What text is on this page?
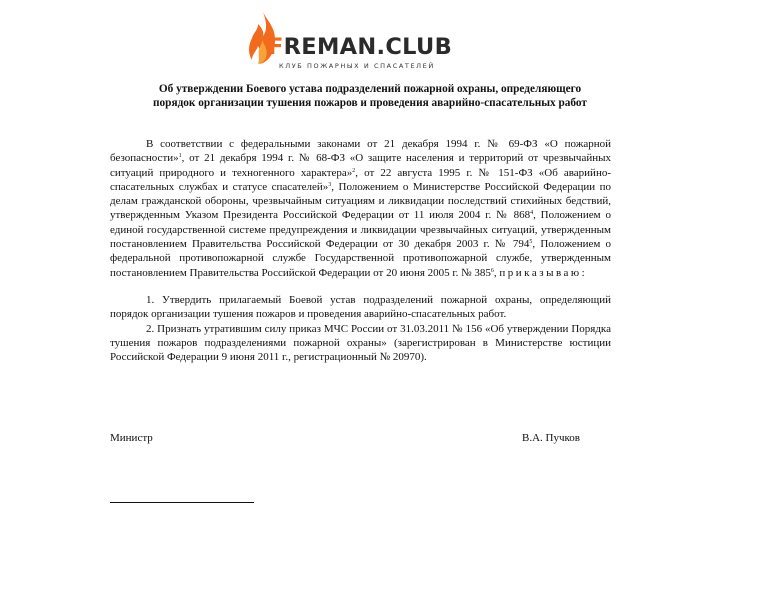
FREMAN.CLUB
КЛУБ ПОЖАРНЫХ И СПАСАТЕЛЕЙ
Об утверждении Боевого устава подразделений пожарной охраны, определяющего
порядок организации тушения пожаров и проведения аварийно-спасательных работ

В соответствии с федеральными законами от 21 декабря 1994 г. № 69-ФЗ «О пожарной безопасности»$^1$, от 21 декабря 1994 г. № 68-ФЗ «О защите населения и территорий от чрезвычайных ситуаций природного и техногенного характера»$^2$, от 22 августа 1995 г. № 151-ФЗ «Об аварийно-спасательных службах и статусе спасателей»$^3$, Положением о Министерстве Российской Федерации по делам гражданской обороны, чрезвычайным ситуациям и ликвидации последствий стихийных бедствий, утвержденным Указом Президента Российской Федерации от 11 июля 2004 г. № $868^4$, Положением о единой государственной системе предупреждения и ликвидации чрезвычайных ситуаций, утвержденным постановлением Правительства Российской Федерации от 30 декабря 2003 г. № $794^5$, Положением о федеральной противопожарной службе Государственной противопожарной службе, утвержденным постановлением Правительства Российской Федерации от 20 июня 2005 г. № $385^6$, приказываю:

1. Утвердить прилагаемый Боевой устав подразделений пожарной охраны, определяющий порядок организации тушения пожаров и проведения аварийно-спасательных работ.

2. Признать утратившим силу приказ МЧС России от 31.03.2011 № 156 «Об утверждении Порядка тушения пожаров подразделениями пожарной охраны» (зарегистрирован в Министерстве юстиции Российской Федерации 9 июня 2011 г., регистрационный № 20970).

Министр	В.А. Пучков
